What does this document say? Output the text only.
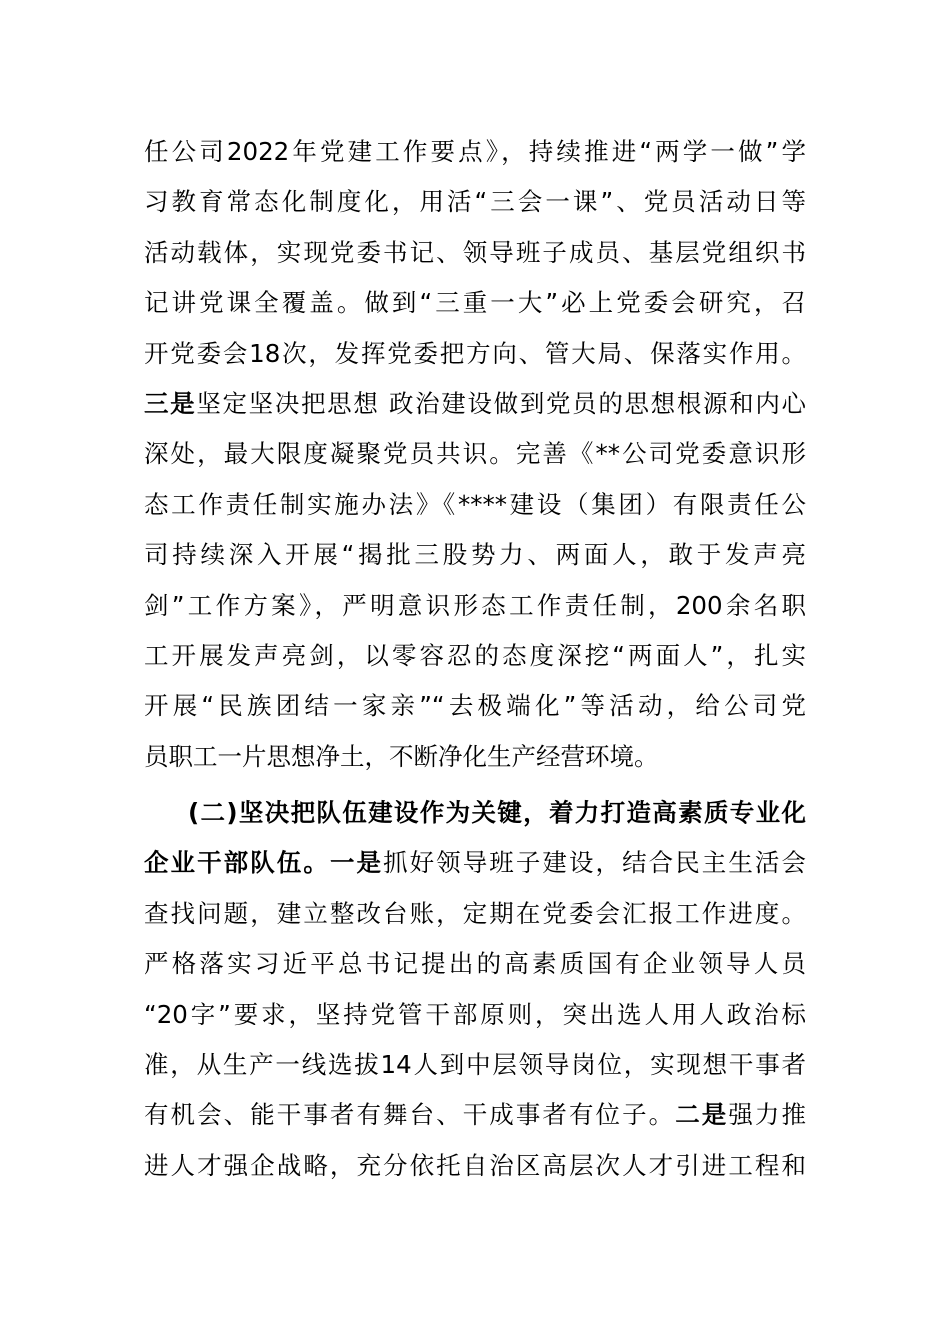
任公司2022年党建工作要点》，持续推进“两学一做”学

习教育常态化制度化，用活“三会一课”、党员活动日等

活动载体，实现党委书记、领导班子成员、基层党组织书

记讲党课全覆盖。做到“三重一大”必上党委会研究，召

开党委会18次，发挥党委把方向、管大局、保落实作用。

三是坚定坚决把思想 政治建设做到党员的思想根源和内心

深处，最大限度凝聚党员共识。完善《**公司党委意识形

态工作责任制实施办法》《****建设（集团）有限责任公

司持续深入开展“揭批三股势力、两面人，敢于发声亮

剑”工作方案》，严明意识形态工作责任制，200余名职

工开展发声亮剑，以零容忍的态度深挖“两面人”，扎实

开展“民族团结一家亲”“去极端化”等活动，给公司党

员职工一片思想净土，不断净化生产经营环境。

(二)坚决把队伍建设作为关键，着力打造高素质专业化

企业干部队伍。一是抓好领导班子建设，结合民主生活会

查找问题，建立整改台账，定期在党委会汇报工作进度。

严格落实习近平总书记提出的高素质国有企业领导人员

“20字”要求，坚持党管干部原则，突出选人用人政治标

准，从生产一线选拔14人到中层领导岗位，实现想干事者

有机会、能干事者有舞台、干成事者有位子。二是强力推

进人才强企战略，充分依托自治区高层次人才引进工程和
